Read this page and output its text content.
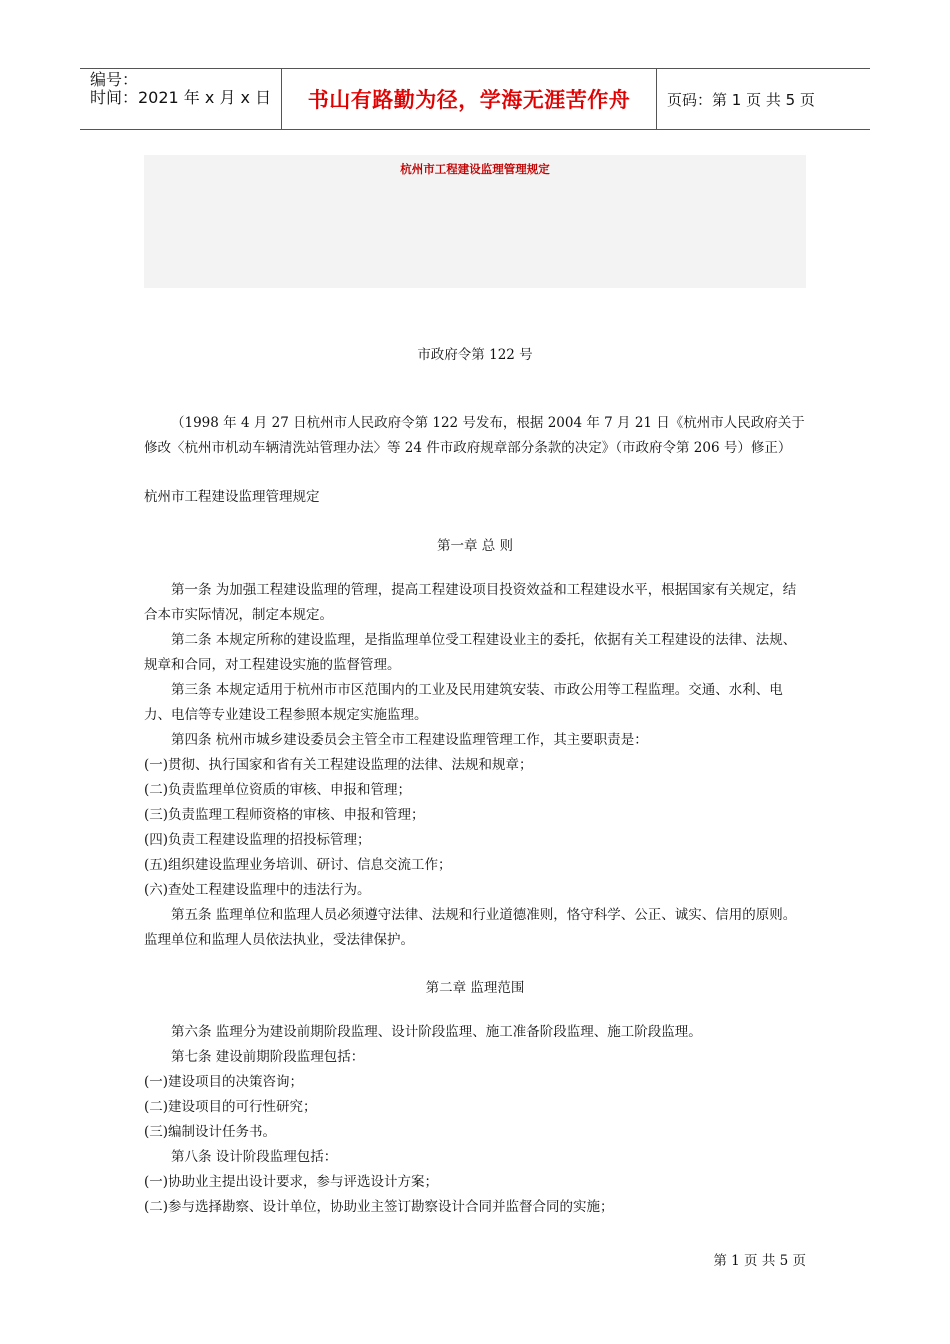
编号：
时间：2021 年 x 月 x 日	书山有路勤为径，学海无涯苦作舟	页码：第 1 页 共 5 页
杭州市工程建设监理管理规定
市政府令第 122 号

（1998 年 4 月 27 日杭州市人民政府令第 122 号发布，根据 2004 年 7 月 21 日《杭州市人民政府关于修改〈杭州市机动车辆清洗站管理办法〉等 24 件市政府规章部分条款的决定》（市政府令第 206 号）修正）

杭州市工程建设监理管理规定
第一章 总 则

第一条 为加强工程建设监理的管理，提高工程建设项目投资效益和工程建设水平，根据国家有关规定，结合本市实际情况，制定本规定。

第二条 本规定所称的建设监理，是指监理单位受工程建设业主的委托，依据有关工程建设的法律、法规、规章和合同，对工程建设实施的监督管理。

第三条 本规定适用于杭州市市区范围内的工业及民用建筑安装、市政公用等工程监理。交通、水利、电力、电信等专业建设工程参照本规定实施监理。

第四条 杭州市城乡建设委员会主管全市工程建设监理管理工作，其主要职责是：

(一)贯彻、执行国家和省有关工程建设监理的法律、法规和规章；

(二)负责监理单位资质的审核、申报和管理；

(三)负责监理工程师资格的审核、申报和管理；

(四)负责工程建设监理的招投标管理；

(五)组织建设监理业务培训、研讨、信息交流工作；

(六)查处工程建设监理中的违法行为。

第五条 监理单位和监理人员必须遵守法律、法规和行业道德准则，恪守科学、公正、诚实、信用的原则。监理单位和监理人员依法执业，受法律保护。

第二章 监理范围

第六条 监理分为建设前期阶段监理、设计阶段监理、施工准备阶段监理、施工阶段监理。

第七条 建设前期阶段监理包括：

(一)建设项目的决策咨询；

(二)建设项目的可行性研究；

(三)编制设计任务书。

第八条 设计阶段监理包括：

(一)协助业主提出设计要求，参与评选设计方案；

(二)参与选择勘察、设计单位，协助业主签订勘察设计合同并监督合同的实施；

第 1 页 共 5 页
